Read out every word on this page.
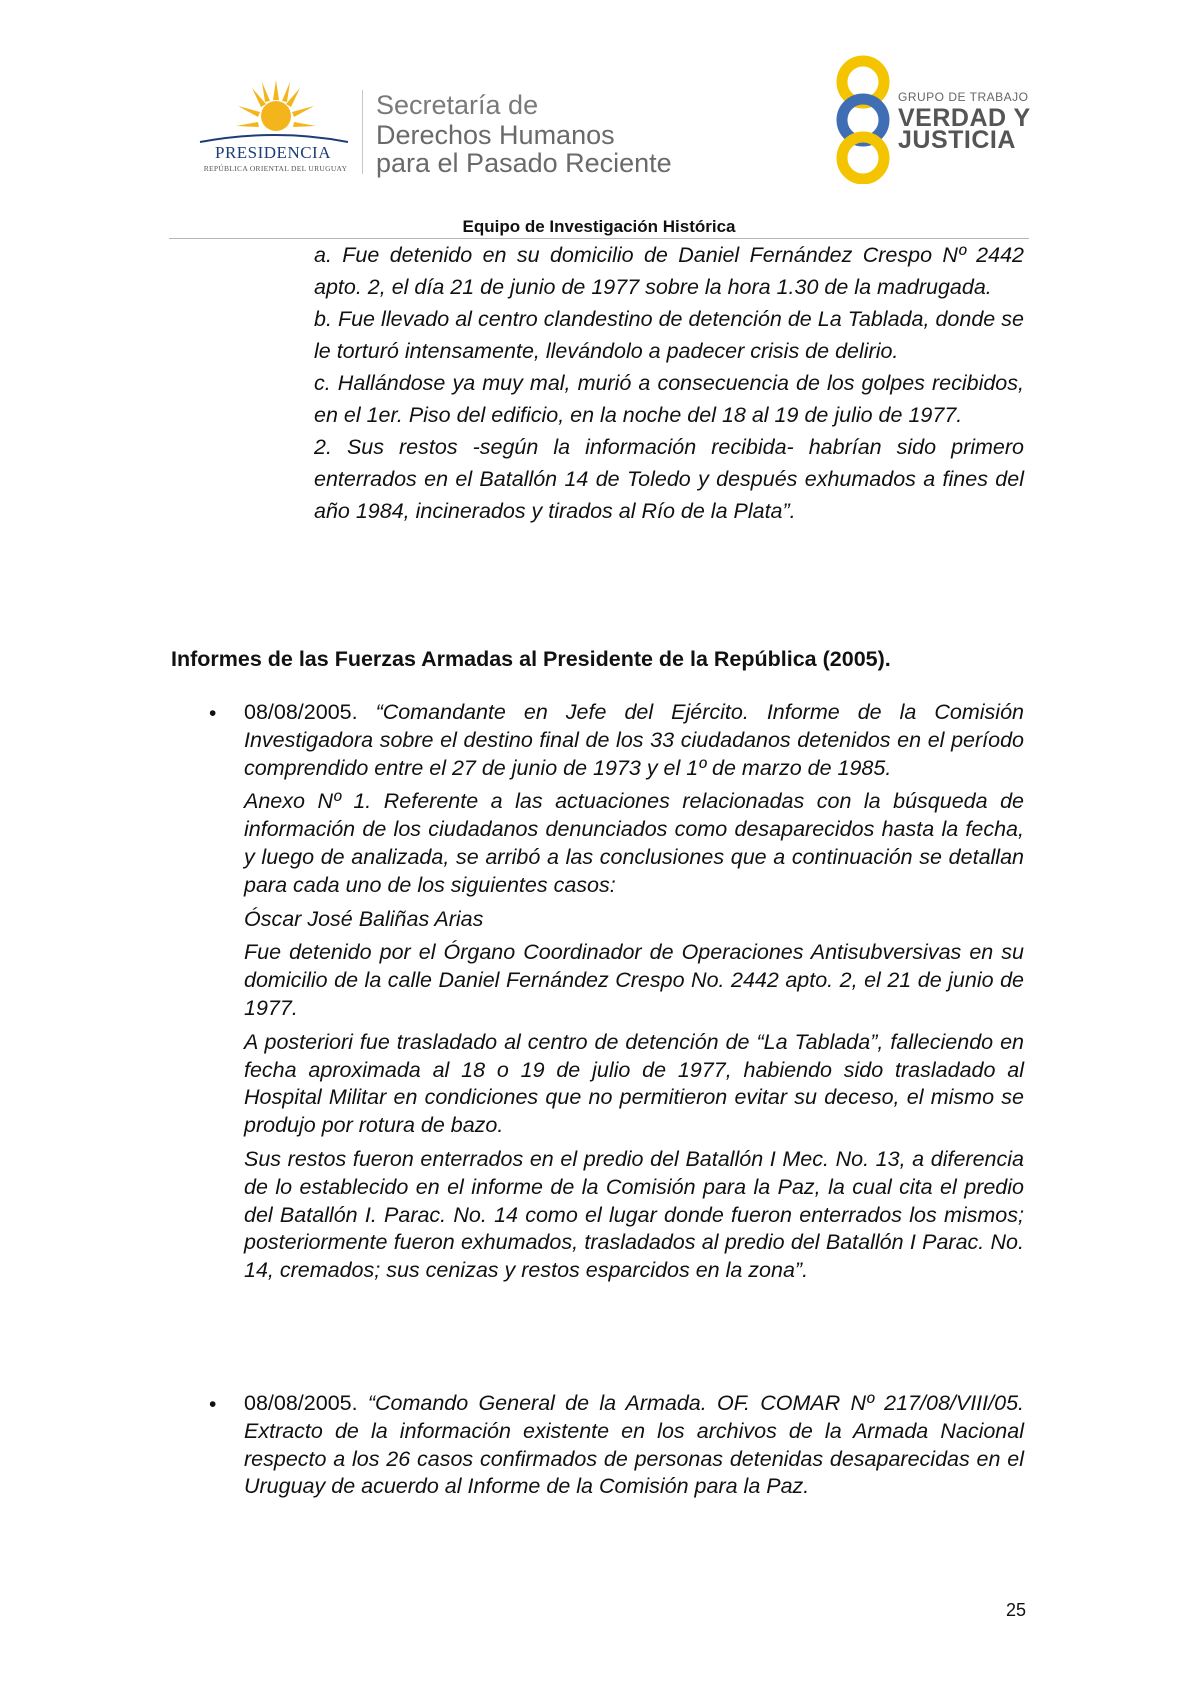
PRESIDENCIA
REPÚBLICA ORIENTAL DEL URUGUAY
Secretaría de
Derechos Humanos
para el Pasado Reciente
GRUPO DE TRABAJO
VERDAD Y
JUSTICIA
Equipo de Investigación Histórica

a. Fue detenido en su domicilio de Daniel Fernández Crespo Nº 2442 apto. 2, el día 21 de junio de 1977 sobre la hora 1.30 de la madrugada.

b. Fue llevado al centro clandestino de detención de La Tablada, donde se le torturó intensamente, llevándolo a padecer crisis de delirio.

c. Hallándose ya muy mal, murió a consecuencia de los golpes recibidos, en el 1er. Piso del edificio, en la noche del 18 al 19 de julio de 1977.

2. Sus restos -según la información recibida- habrían sido primero enterrados en el Batallón 14 de Toledo y después exhumados a fines del año 1984, incinerados y tirados al Río de la Plata”.

Informes de las Fuerzas Armadas al Presidente de la República (2005).
• 08/08/2005. “Comandante en Jefe del Ejército. Informe de la Comisión Investigadora sobre el destino final de los 33 ciudadanos detenidos en el período comprendido entre el 27 de junio de 1973 y el 1º de marzo de 1985.

Anexo Nº 1. Referente a las actuaciones relacionadas con la búsqueda de información de los ciudadanos denunciados como desaparecidos hasta la fecha, y luego de analizada, se arribó a las conclusiones que a continuación se detallan para cada uno de los siguientes casos:

Óscar José Baliñas Arias

Fue detenido por el Órgano Coordinador de Operaciones Antisubversivas en su domicilio de la calle Daniel Fernández Crespo No. 2442 apto. 2, el 21 de junio de 1977.

A posteriori fue trasladado al centro de detención de “La Tablada”, falleciendo en fecha aproximada al 18 o 19 de julio de 1977, habiendo sido trasladado al Hospital Militar en condiciones que no permitieron evitar su deceso, el mismo se produjo por rotura de bazo.

Sus restos fueron enterrados en el predio del Batallón I Mec. No. 13, a diferencia de lo establecido en el informe de la Comisión para la Paz, la cual cita el predio del Batallón I. Parac. No. 14 como el lugar donde fueron enterrados los mismos; posteriormente fueron exhumados, trasladados al predio del Batallón I Parac. No. 14, cremados; sus cenizas y restos esparcidos en la zona”.

• 08/08/2005. “Comando General de la Armada. OF. COMAR Nº 217/08/VIII/05. Extracto de la información existente en los archivos de la Armada Nacional respecto a los 26 casos confirmados de personas detenidas desaparecidas en el Uruguay de acuerdo al Informe de la Comisión para la Paz.

25
